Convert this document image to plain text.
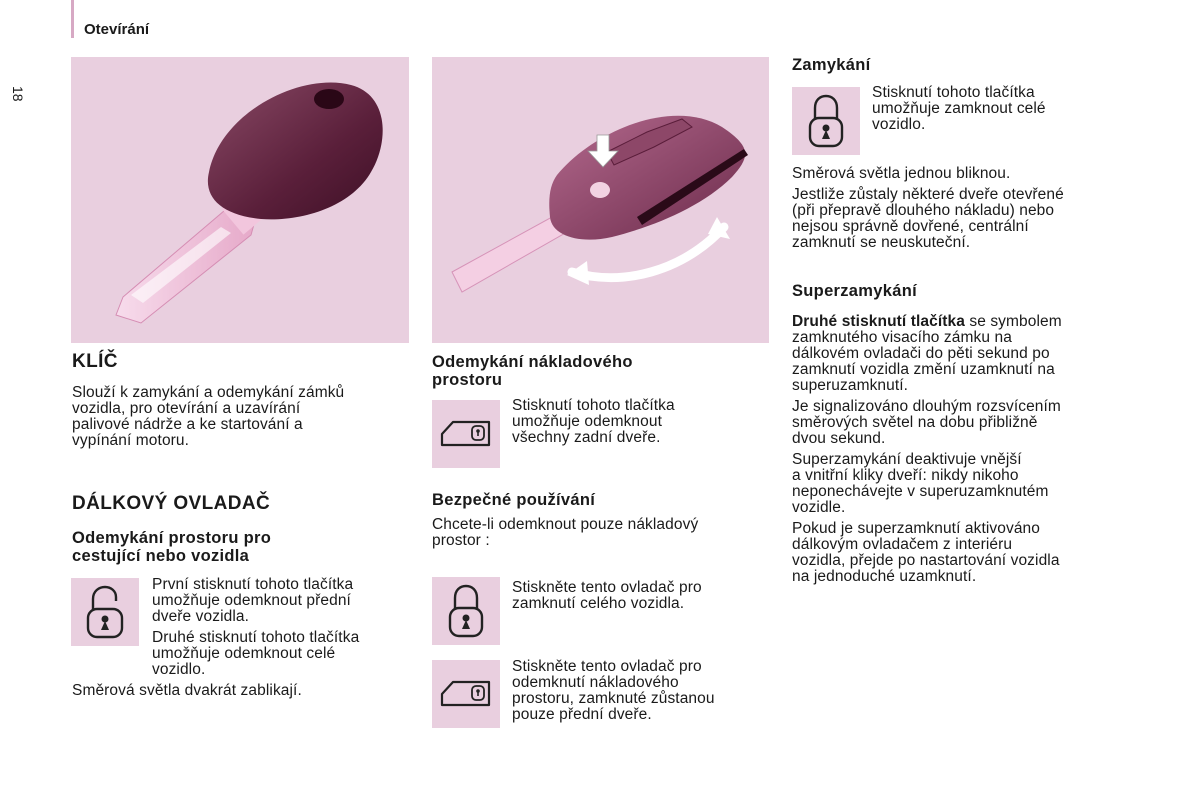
Otevírání
18
KLÍČ
Slouží k zamykání a odemykání zámků
vozidla, pro otevírání a uzavírání
palivové nádrže a ke startování a
vypínání motoru.
DÁLKOVÝ OVLADAČ
Odemykání prostoru pro
cestující nebo vozidla
První stisknutí tohoto tlačítka
umožňuje odemknout přední
dveře vozidla.
Druhé stisknutí tohoto tlačítka
umožňuje odemknout celé
vozidlo.
Směrová světla dvakrát zablikají.
Odemykání nákladového
prostoru
Stisknutí tohoto tlačítka
umožňuje odemknout
všechny zadní dveře.
Bezpečné používání
Chcete-li odemknout pouze nákladový
prostor :
Stiskněte tento ovladač pro
zamknutí celého vozidla.
Stiskněte tento ovladač pro
odemknutí nákladového
prostoru, zamknuté zůstanou
pouze přední dveře.
Zamykání
Stisknutí tohoto tlačítka
umožňuje zamknout celé
vozidlo.
Směrová světla jednou bliknou.
Jestliže zůstaly některé dveře otevřené
(při přepravě dlouhého nákladu) nebo
nejsou správně dovřené, centrální
zamknutí se neuskuteční.
Superzamykání
Druhé stisknutí tlačítka se symbolem
zamknutého visacího zámku na
dálkovém ovladači do pěti sekund po
zamknutí vozidla změní uzamknutí na
superuzamknutí.
Je signalizováno dlouhým rozsvícením
směrových světel na dobu přibližně
dvou sekund.
Superzamykání deaktivuje vnější
a vnitřní kliky dveří: nikdy nikoho
neponechávejte v superuzamknutém
vozidle.
Pokud je superzamknutí aktivováno
dálkovým ovladačem z interiéru
vozidla, přejde po nastartování vozidla
na jednoduché uzamknutí.
